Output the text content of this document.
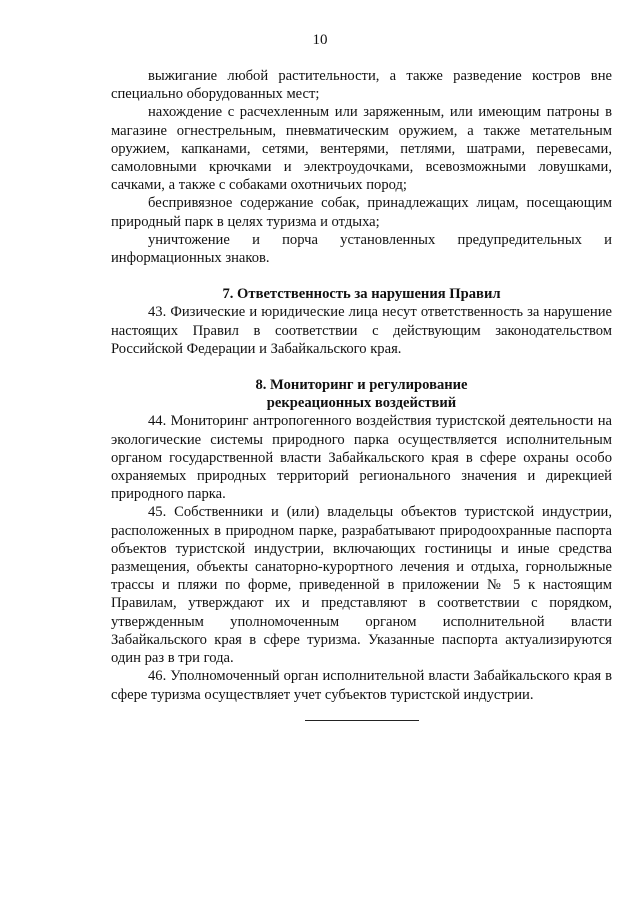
10

выжигание любой растительности, а также разведение костров вне специально оборудованных мест;

нахождение с расчехленным или заряженным, или имеющим патроны в магазине огнестрельным, пневматическим оружием, а также метательным оружием, капканами, сетями, вентерями, петлями, шатрами, перевесами, самоловными крючками и электроудочками, всевозможными ловушками, сачками, а также с собаками охотничьих пород;

беспривязное содержание собак, принадлежащих лицам, посещающим природный парк в целях туризма и отдыха;

уничтожение и порча установленных предупредительных и информационных знаков.

7. Ответственность за нарушения Правил

43. Физические и юридические лица несут ответственность за нарушение настоящих Правил в соответствии с действующим законодательством Российской Федерации и Забайкальского края.

8. Мониторинг и регулирование
рекреационных воздействий

44. Мониторинг антропогенного воздействия туристской деятельности на экологические системы природного парка осуществляется исполнительным органом государственной власти Забайкальского края в сфере охраны особо охраняемых природных территорий регионального значения и дирекцией природного парка.

45. Собственники и (или) владельцы объектов туристской индустрии, расположенных в природном парке, разрабатывают природоохранные паспорта объектов туристской индустрии, включающих гостиницы и иные средства размещения, объекты санаторно-курортного лечения и отдыха, горнолыжные трассы и пляжи по форме, приведенной в приложении № 5 к настоящим Правилам, утверждают их и представляют в соответствии с порядком, утвержденным уполномоченным органом исполнительной власти Забайкальского края в сфере туризма. Указанные паспорта актуализируются один раз в три года.

46. Уполномоченный орган исполнительной власти Забайкальского края в сфере туризма осуществляет учет субъектов туристской индустрии.
